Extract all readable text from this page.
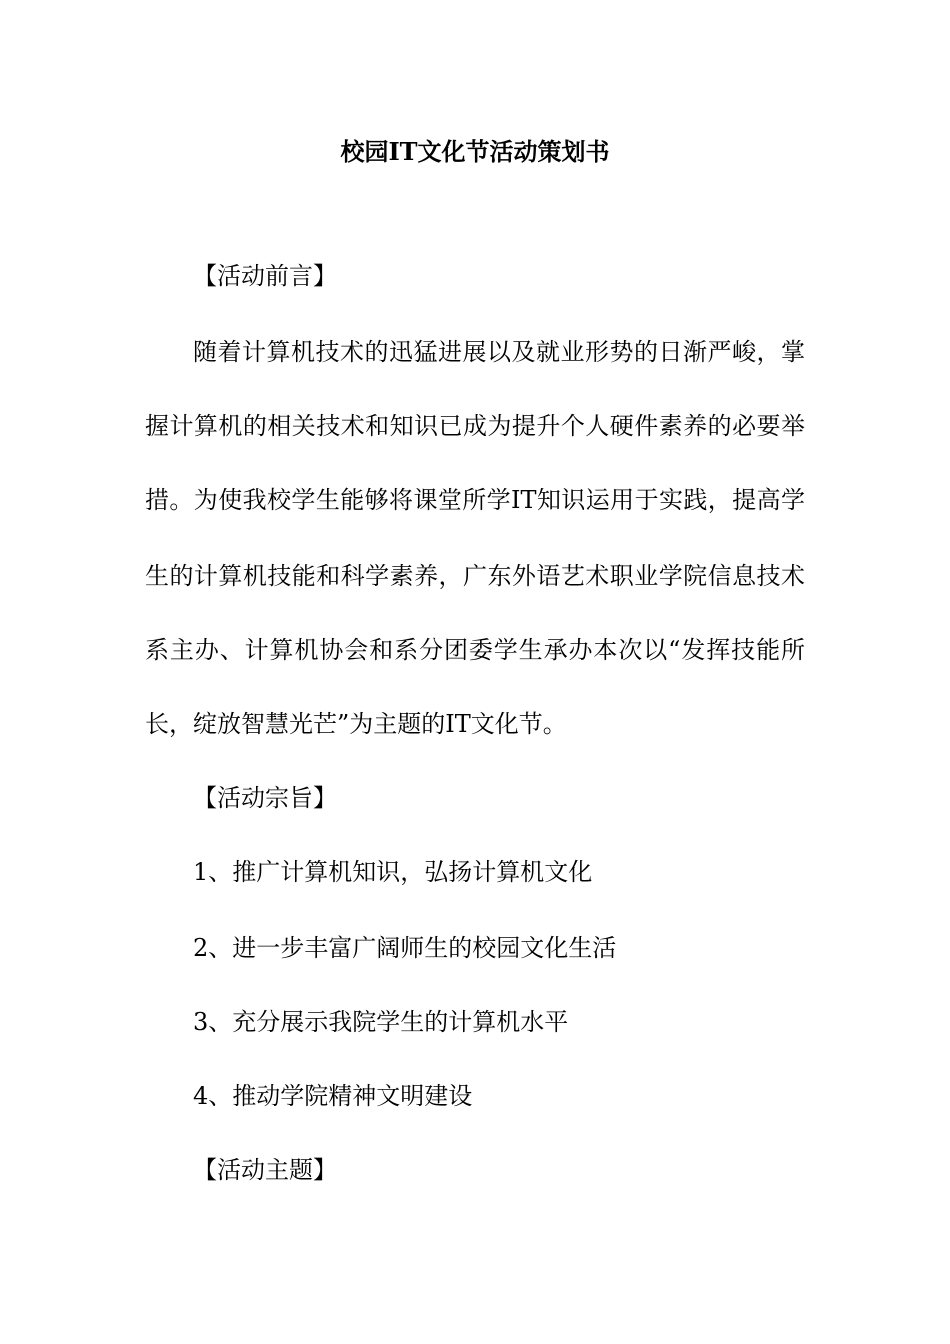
校园IT文化节活动策划书

【活动前言】

随着计算机技术的迅猛进展以及就业形势的日渐严峻，掌

握计算机的相关技术和知识已成为提升个人硬件素养的必要举

措。为使我校学生能够将课堂所学IT知识运用于实践，提高学

生的计算机技能和科学素养，广东外语艺术职业学院信息技术

系主办、计算机协会和系分团委学生承办本次以“发挥技能所

长，绽放智慧光芒”为主题的IT文化节。

【活动宗旨】

1、推广计算机知识，弘扬计算机文化

2、进一步丰富广阔师生的校园文化生活

3、充分展示我院学生的计算机水平

4、推动学院精神文明建设

【活动主题】
